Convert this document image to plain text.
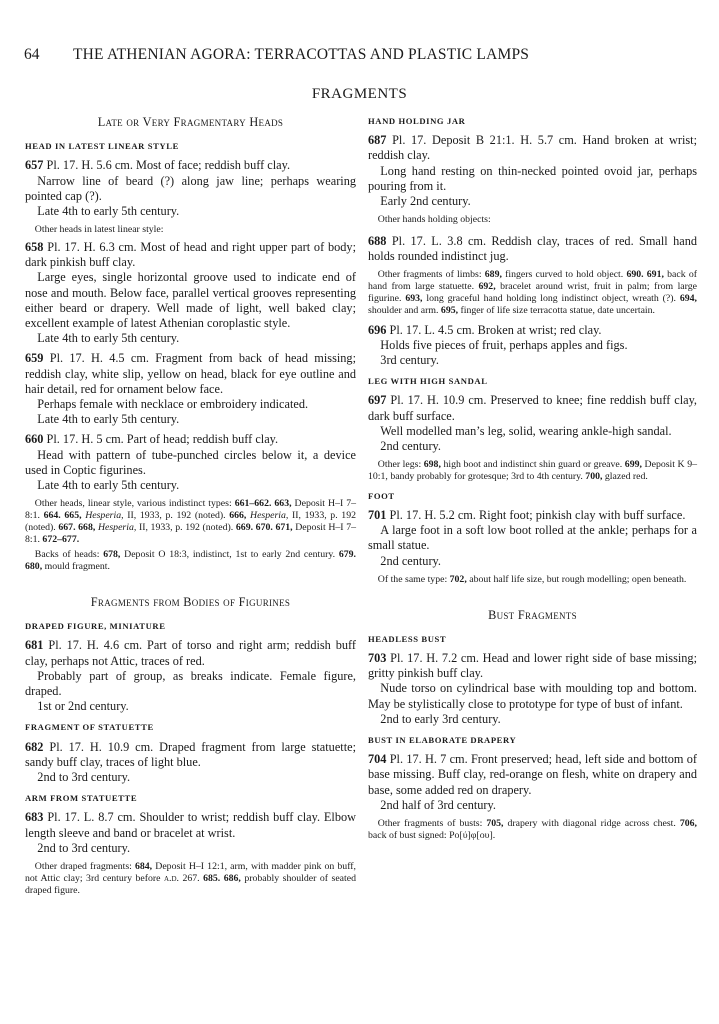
64 THE ATHENIAN AGORA: TERRACOTTAS AND PLASTIC LAMPS
FRAGMENTS
Late or Very Fragmentary Heads
HEAD IN LATEST LINEAR STYLE

657 Pl. 17. H. 5.6 cm. Most of face; reddish buff clay.

Narrow line of beard (?) along jaw line; perhaps wearing pointed cap (?).

Late 4th to early 5th century.

Other heads in latest linear style:

658 Pl. 17. H. 6.3 cm. Most of head and right upper part of body; dark pinkish buff clay.

Large eyes, single horizontal groove used to indicate end of nose and mouth. Below face, parallel vertical grooves representing either beard or drapery. Well made of light, well baked clay; excellent example of latest Athenian coroplastic style.

Late 4th to early 5th century.

659 Pl. 17. H. 4.5 cm. Fragment from back of head missing; reddish clay, white slip, yellow on head, black for eye outline and hair detail, red for ornament below face.

Perhaps female with necklace or embroidery indicated.

Late 4th to early 5th century.

660 Pl. 17. H. 5 cm. Part of head; reddish buff clay.

Head with pattern of tube-punched circles below it, a device used in Coptic figurines.

Late 4th to early 5th century.

Other heads, linear style, various indistinct types: 661–662. 663, Deposit H–I 7–8:1. 664. 665, Hesperia, II, 1933, p. 192 (noted). 666, Hesperia, II, 1933, p. 192 (noted). 667. 668, Hesperia, II, 1933, p. 192 (noted). 669. 670. 671, Deposit H–I 7–8:1. 672–677.
Backs of heads: 678, Deposit O 18:3, indistinct, 1st to early 2nd century. 679. 680, mould fragment.
Fragments from Bodies of Figurines
DRAPED FIGURE, MINIATURE

681 Pl. 17. H. 4.6 cm. Part of torso and right arm; reddish buff clay, perhaps not Attic, traces of red.

Probably part of group, as breaks indicate. Female figure, draped.

1st or 2nd century.

FRAGMENT OF STATUETTE

682 Pl. 17. H. 10.9 cm. Draped fragment from large statuette; sandy buff clay, traces of light blue.

2nd to 3rd century.

ARM FROM STATUETTE

683 Pl. 17. L. 8.7 cm. Shoulder to wrist; reddish buff clay. Elbow length sleeve and band or bracelet at wrist.

2nd to 3rd century.

Other draped fragments: 684, Deposit H–I 12:1, arm, with madder pink on buff, not Attic clay; 3rd century before a.d. 267. 685. 686, probably shoulder of seated draped figure.
HAND HOLDING JAR

687 Pl. 17. Deposit B 21:1. H. 5.7 cm. Hand broken at wrist; reddish clay.

Long hand resting on thin-necked pointed ovoid jar, perhaps pouring from it.

Early 2nd century.

Other hands holding objects:

688 Pl. 17. L. 3.8 cm. Reddish clay, traces of red. Small hand holds rounded indistinct jug.

Other fragments of limbs: 689, fingers curved to hold object. 690. 691, back of hand from large statuette. 692, bracelet around wrist, fruit in palm; from large figurine. 693, long graceful hand holding long indistinct object, wreath (?). 694, shoulder and arm. 695, finger of life size terracotta statue, date uncertain.

696 Pl. 17. L. 4.5 cm. Broken at wrist; red clay.

Holds five pieces of fruit, perhaps apples and figs.

3rd century.

LEG WITH HIGH SANDAL

697 Pl. 17. H. 10.9 cm. Preserved to knee; fine reddish buff clay, dark buff surface.

Well modelled man’s leg, solid, wearing ankle-high sandal.

2nd century.

Other legs: 698, high boot and indistinct shin guard or greave. 699, Deposit K 9–10:1, bandy probably for grotesque; 3rd to 4th century. 700, glazed red.
FOOT

701 Pl. 17. H. 5.2 cm. Right foot; pinkish clay with buff surface.

A large foot in a soft low boot rolled at the ankle; perhaps for a small statue.

2nd century.

Of the same type: 702, about half life size, but rough modelling; open beneath.
Bust Fragments
HEADLESS BUST

703 Pl. 17. H. 7.2 cm. Head and lower right side of base missing; gritty pinkish buff clay.

Nude torso on cylindrical base with moulding top and bottom. May be stylistically close to prototype for type of bust of infant.

2nd to early 3rd century.

BUST IN ELABORATE DRAPERY

704 Pl. 17. H. 7 cm. Front preserved; head, left side and bottom of base missing. Buff clay, red-orange on flesh, white on drapery and base, some added red on drapery.

2nd half of 3rd century.

Other fragments of busts: 705, drapery with diagonal ridge across chest. 706, back of bust signed: Ρο[ύ]φ[ου].
